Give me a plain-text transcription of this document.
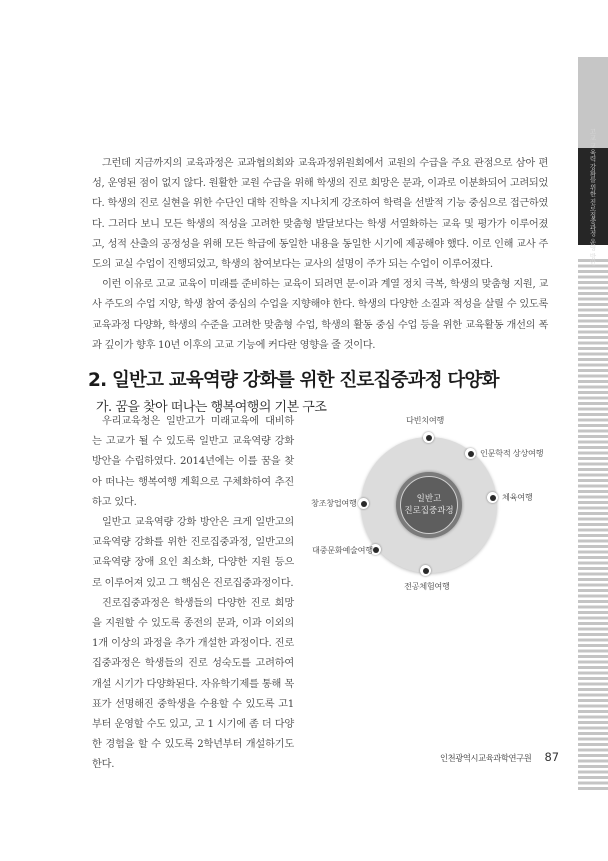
그런데 지금까지의 교육과정은 교과협의회와 교육과정위원회에서 교원의 수급을 주요 관점으로 삼아 편성, 운영된 점이 없지 않다. 원활한 교원 수급을 위해 학생의 진로 희망은 문과, 이과로 이분화되어 고려되었다. 학생의 진로 실현을 위한 수단인 대학 진학을 지나치게 강조하여 학력을 선발적 기능 중심으로 접근하였다. 그러다 보니 모든 학생의 적성을 고려한 맞춤형 발달보다는 학생 서열화하는 교육 및 평가가 이루어졌고, 성적 산출의 공정성을 위해 모든 학급에 동일한 내용을 동일한 시기에 제공해야 했다. 이로 인해 교사 주도의 교실 수업이 진행되었고, 학생의 참여보다는 교사의 설명이 주가 되는 수업이 이루어졌다.

이런 이유로 고교 교육이 미래를 준비하는 교육이 되려면 문·이과 계열 정치 극복, 학생의 맞춤형 지원, 교사 주도의 수업 지양, 학생 참여 중심의 수업을 지향해야 한다. 학생의 다양한 소질과 적성을 살릴 수 있도록 교육과정 다양화, 학생의 수준을 고려한 맞춤형 수업, 학생의 활동 중심 수업 등을 위한 교육활동 개선의 폭과 깊이가 향후 10년 이후의 고교 기능에 커다란 영향을 줄 것이다.

2. 일반고 교육역량 강화를 위한 진로집중과정 다양화
가. 꿈을 찾아 떠나는 행복여행의 기본 구조

우리교육청은 일반고가 미래교육에 대비하는 고교가 될 수 있도록 일반고 교육역량 강화 방안을 수립하였다. 2014년에는 이를 꿈을 찾아 떠나는 행복여행 계획으로 구체화하여 추진하고 있다.

일반고 교육역량 강화 방안은 크게 일반고의 교육역량 강화를 위한 진로집중과정, 일반고의 교육역량 장애 요인 최소화, 다양한 지원 등으로 이루어져 있고 그 핵심은 진로집중과정이다.

진로집중과정은 학생들의 다양한 진로 희망을 지원할 수 있도록 종전의 문과, 이과 이외의 1개 이상의 과정을 추가 개설한 과정이다. 진로집중과정은 학생들의 진로 성숙도를 고려하여 개설 시기가 다양화된다. 자유학기제를 통해 목표가 선명해진 중학생을 수용할 수 있도록 고1부터 운영할 수도 있고, 고 1 시기에 좀 더 다양한 경험을 할 수 있도록 2학년부터 개설하기도 한다.

일반고
진로집중과정
다빈치여행
인문학적 상상여행
체육여행
전공체험여행
대중문화예술여행
창조창업여행
고교 교육력 강화를 위한 진로집중과정 운영 방안
인천광역시교육과학연구원 87
